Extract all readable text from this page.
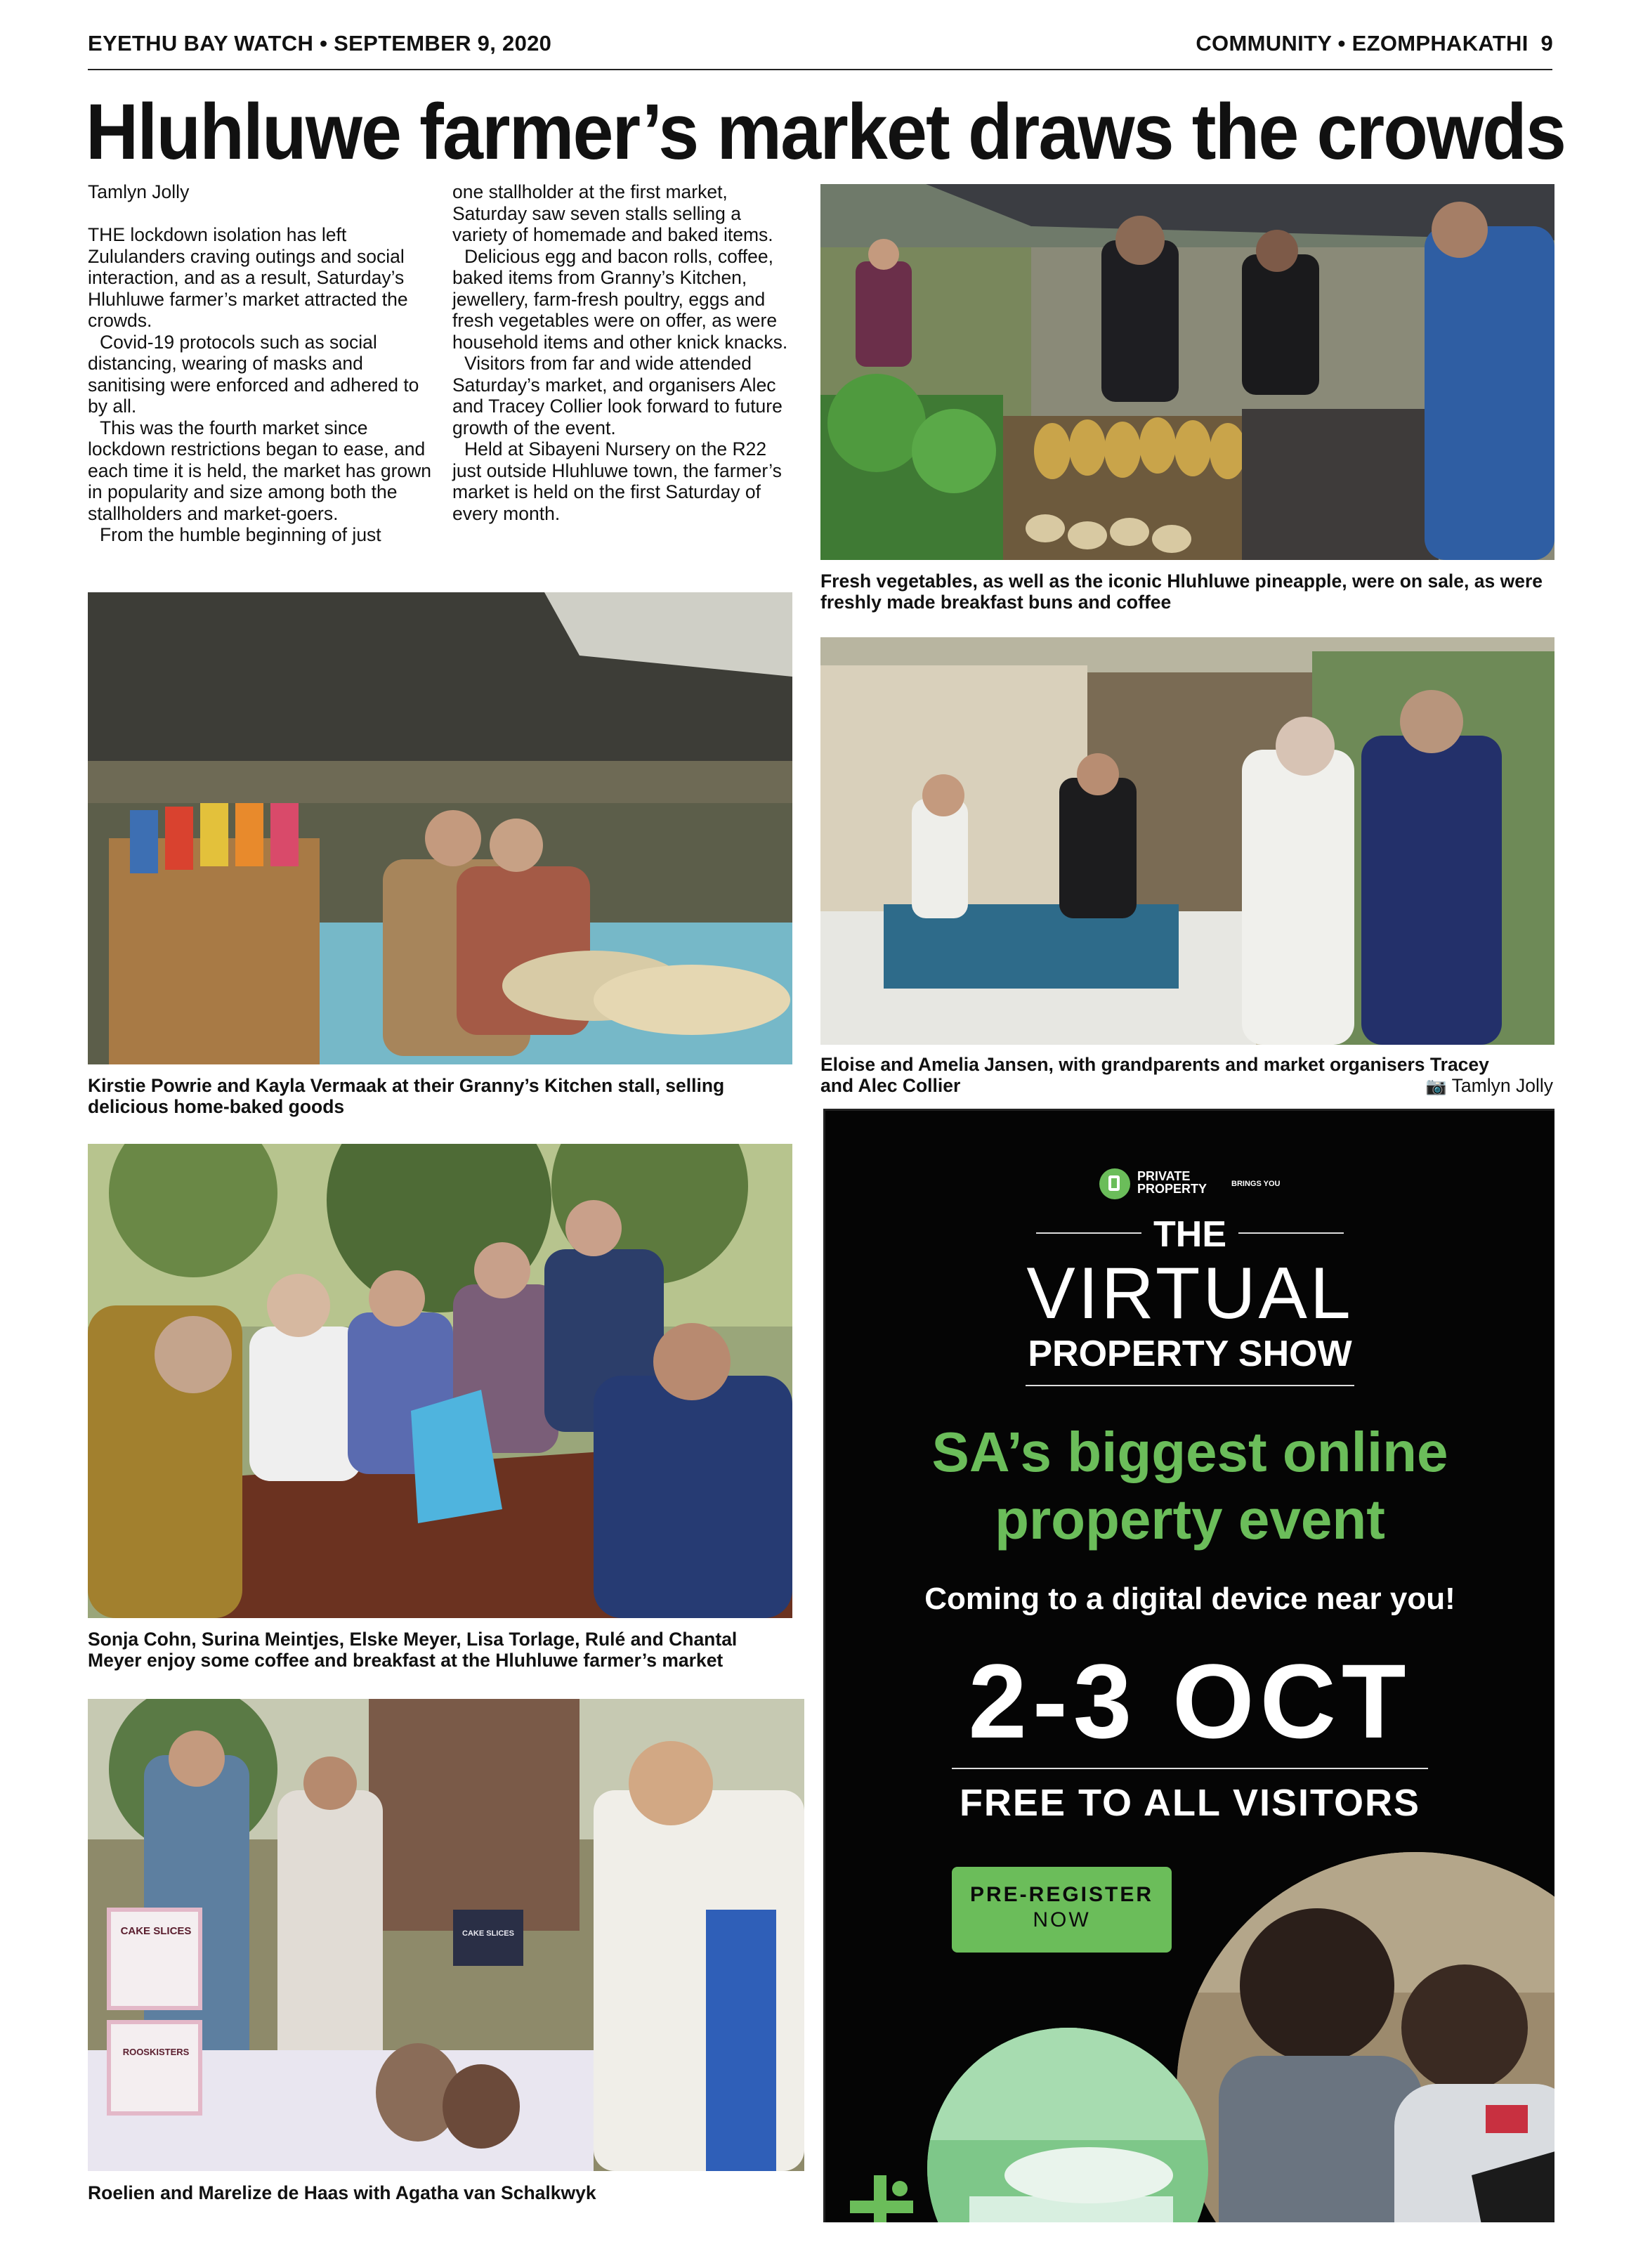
EYETHU BAY WATCH • SEPTEMBER 9, 2020	COMMUNITY • EZOMPHAKATHI 9
Hluhluwe farmer’s market draws the crowds

Tamlyn Jolly

THE lockdown isolation has left Zululanders craving outings and social interaction, and as a result, Saturday’s Hluhluwe farmer’s market attracted the crowds.

Covid-19 protocols such as social distancing, wearing of masks and sanitising were enforced and adhered to by all.

This was the fourth market since lockdown restrictions began to ease, and each time it is held, the market has grown in popularity and size among both the stallholders and market-goers.

From the humble beginning of just

one stallholder at the first market, Saturday saw seven stalls selling a variety of homemade and baked items.

Delicious egg and bacon rolls, coffee, baked items from Granny’s Kitchen, jewellery, farm-fresh poultry, eggs and fresh vegetables were on offer, as were household items and other knick knacks.

Visitors from far and wide attended Saturday’s market, and organisers Alec and Tracey Collier look forward to future growth of the event.

Held at Sibayeni Nursery on the R22 just outside Hluhluwe town, the farmer’s market is held on the first Saturday of every month.

Fresh vegetables, as well as the iconic Hluhluwe pineapple, were on sale, as were freshly made breakfast buns and coffee
Kirstie Powrie and Kayla Vermaak at their Granny’s Kitchen stall, selling delicious home-baked goods
Eloise and Amelia Jansen, with grandparents and market organisers Tracey and Alec Collier	📷 Tamlyn Jolly
Sonja Cohn, Surina Meintjes, Elske Meyer, Lisa Torlage, Rulé and Chantal Meyer enjoy some coffee and breakfast at the Hluhluwe farmer’s market
CAKE SLICES
ROOSKISTERS
CAKE SLICES
Roelien and Marelize de Haas with Agatha van Schalkwyk
PRIVATE
PROPERTY	BRINGS YOU
THE
VIRTUAL
PROPERTY SHOW
SA’s biggest online
property event
Coming to a digital device near you!
2-3 OCT
FREE TO ALL VISITORS
PRE-REGISTER
NOW
